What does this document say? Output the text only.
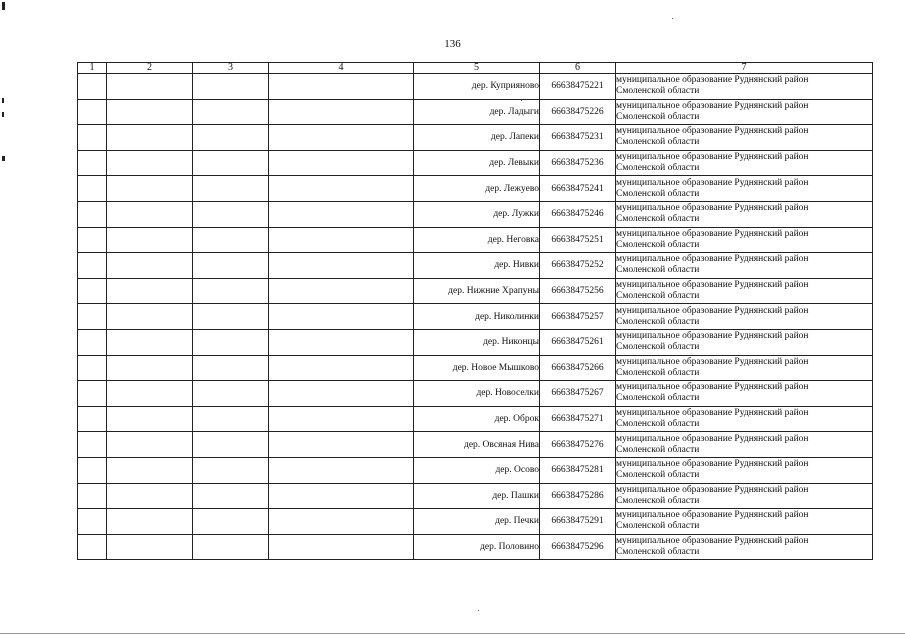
136
1	2	3	4	5	6	7
				дер. Куприяново	66638475221	муниципальное образование Руднянский район
Смоленской области

				дер. Ладыги	66638475226	муниципальное образование Руднянский район
Смоленской области

				дер. Лапеки	66638475231	муниципальное образование Руднянский район
Смоленской области

				дер. Левыки	66638475236	муниципальное образование Руднянский район
Смоленской области

				дер. Лежуево	66638475241	муниципальное образование Руднянский район
Смоленской области

				дер. Лужки	66638475246	муниципальное образование Руднянский район
Смоленской области

				дер. Неговка	66638475251	муниципальное образование Руднянский район
Смоленской области

				дер. Нивки	66638475252	муниципальное образование Руднянский район
Смоленской области

				дер. Нижние Храпуны	66638475256	муниципальное образование Руднянский район
Смоленской области

				дер. Николинки	66638475257	муниципальное образование Руднянский район
Смоленской области

				дер. Никонцы	66638475261	муниципальное образование Руднянский район
Смоленской области

				дер. Новое Мышково	66638475266	муниципальное образование Руднянский район
Смоленской области

				дер. Новоселки	66638475267	муниципальное образование Руднянский район
Смоленской области

				дер. Оброк	66638475271	муниципальное образование Руднянский район
Смоленской области

				дер. Овсяная Нива	66638475276	муниципальное образование Руднянский район
Смоленской области

				дер. Осово	66638475281	муниципальное образование Руднянский район
Смоленской области

				дер. Пашки	66638475286	муниципальное образование Руднянский район
Смоленской области

				дер. Печки	66638475291	муниципальное образование Руднянский район
Смоленской области

				дер. Половино	66638475296	муниципальное образование Руднянский район
Смоленской области
